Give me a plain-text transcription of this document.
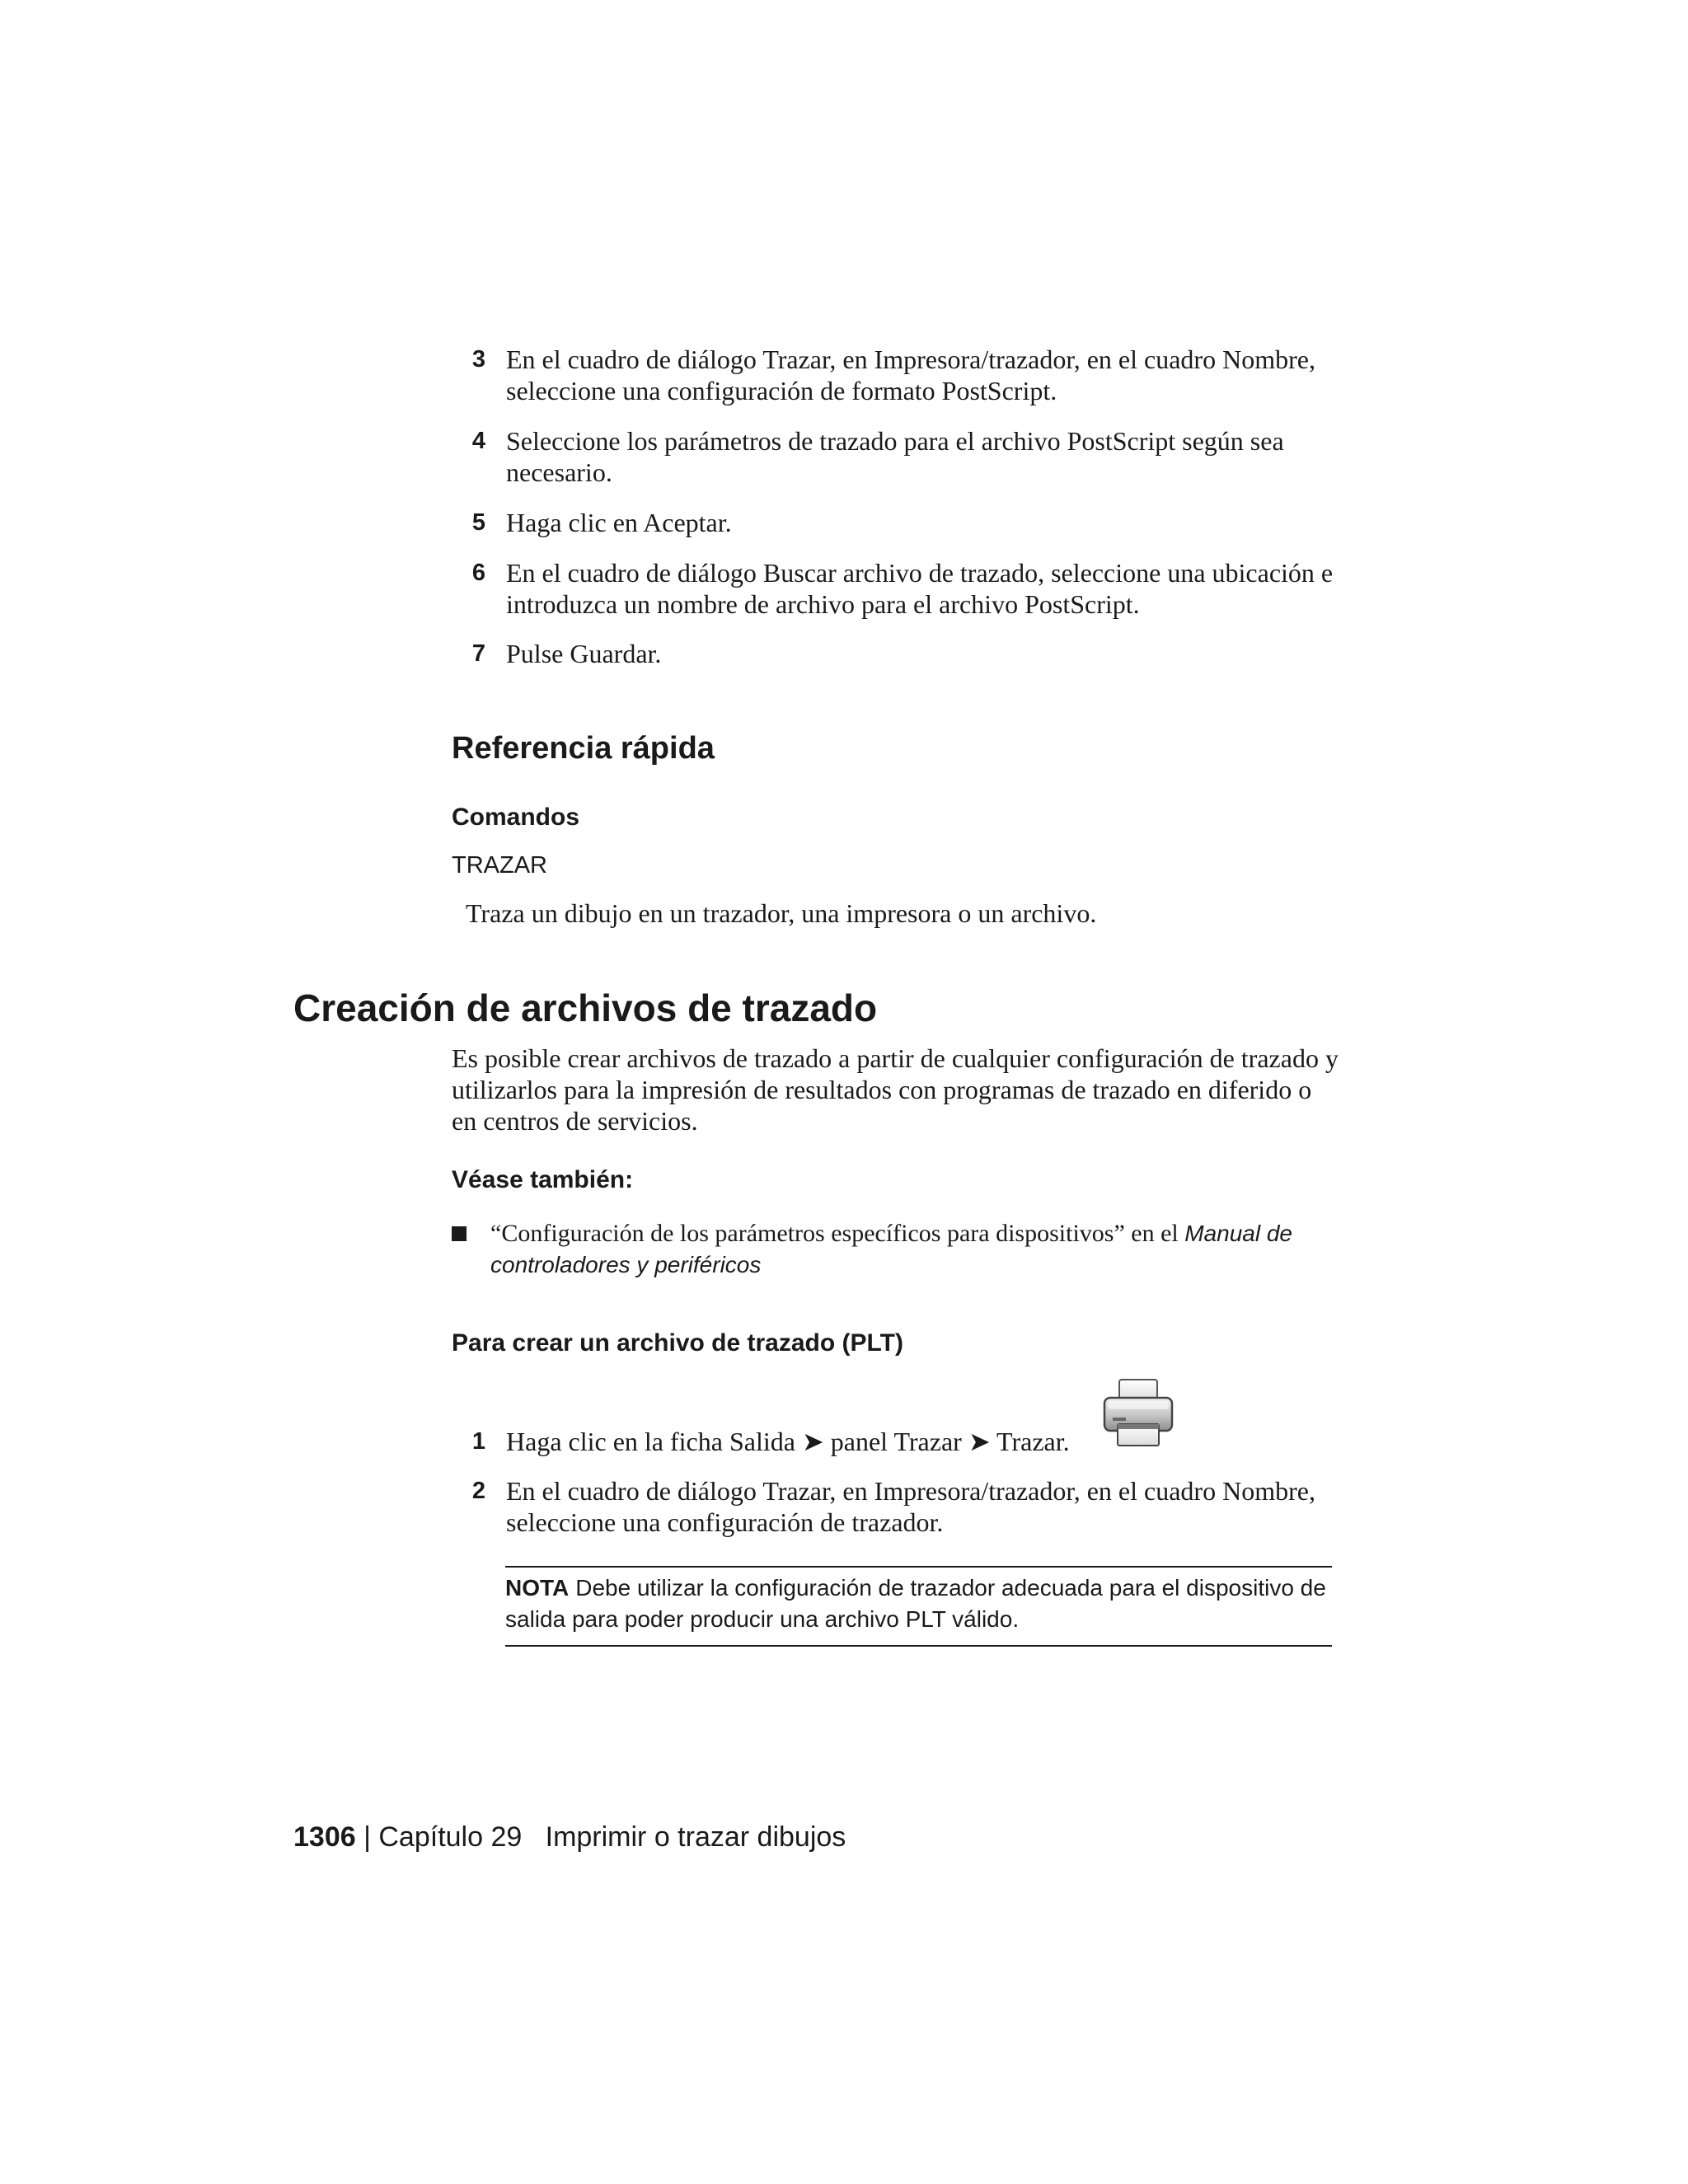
3 En el cuadro de diálogo Trazar, en Impresora/trazador, en el cuadro Nombre, seleccione una configuración de formato PostScript.
4 Seleccione los parámetros de trazado para el archivo PostScript según sea necesario.
5 Haga clic en Aceptar.
6 En el cuadro de diálogo Buscar archivo de trazado, seleccione una ubicación e introduzca un nombre de archivo para el archivo PostScript.
7 Pulse Guardar.
Referencia rápida
Comandos
TRAZAR
Traza un dibujo en un trazador, una impresora o un archivo.
Creación de archivos de trazado
Es posible crear archivos de trazado a partir de cualquier configuración de trazado y utilizarlos para la impresión de resultados con programas de trazado en diferido o en centros de servicios.
Véase también:
“Configuración de los parámetros específicos para dispositivos” en el Manual de controladores y periféricos
Para crear un archivo de trazado (PLT)
1 Haga clic en la ficha Salida ➤ panel Trazar ➤ Trazar.
2 En el cuadro de diálogo Trazar, en Impresora/trazador, en el cuadro Nombre, seleccione una configuración de trazador.
NOTA Debe utilizar la configuración de trazador adecuada para el dispositivo de salida para poder producir una archivo PLT válido.
1306 | Capítulo 29 Imprimir o trazar dibujos
